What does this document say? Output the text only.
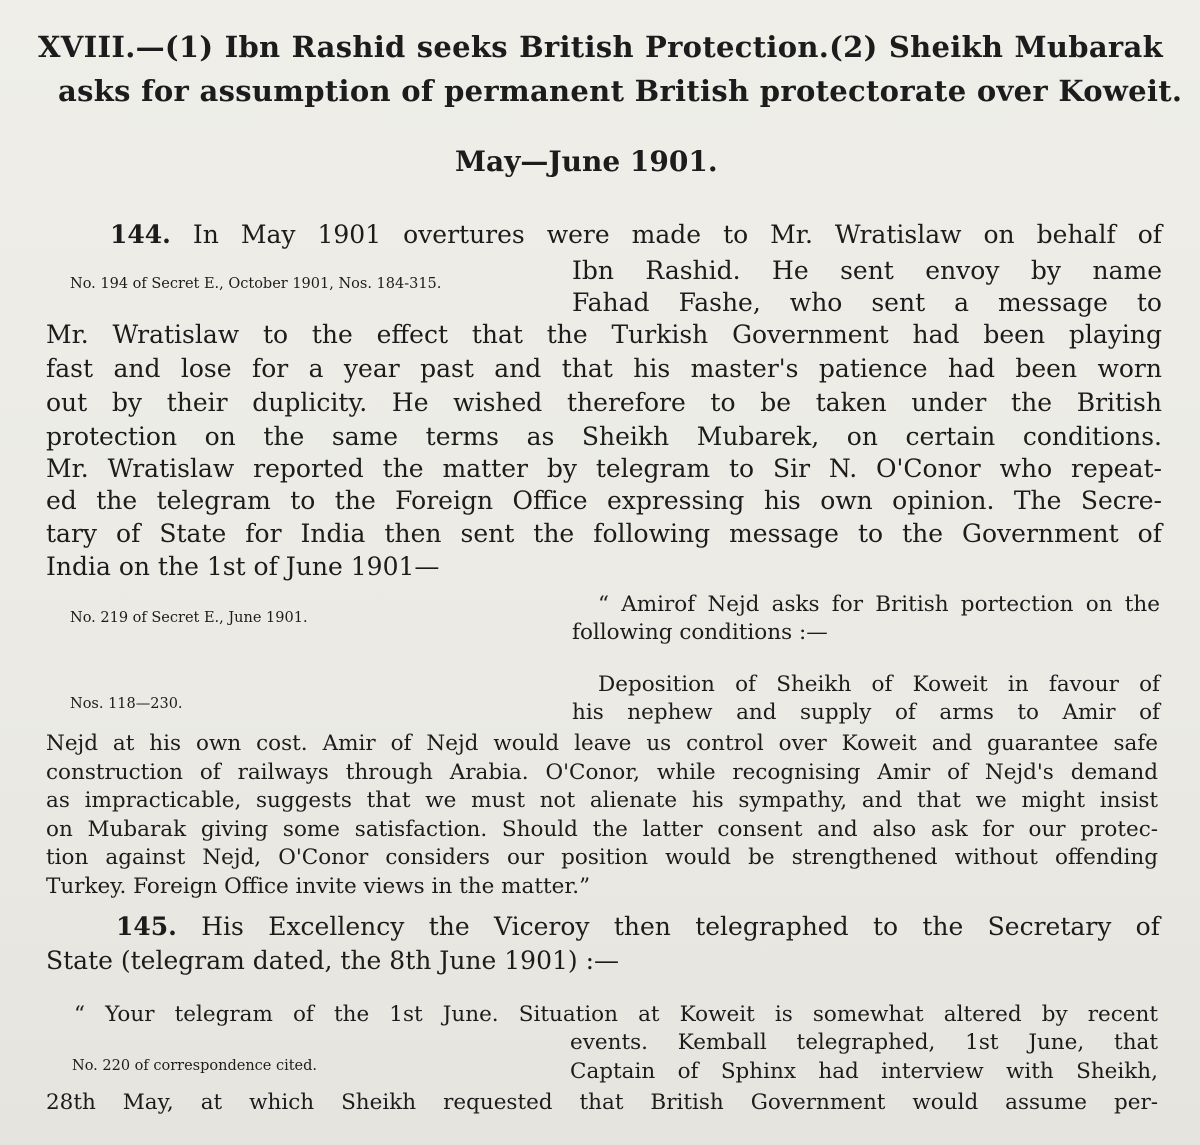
XVIII.—(1) Ibn Rashid seeks British Protection.(2) Sheikh Mubarak
asks for assumption of permanent British protectorate over Koweit.
May—June 1901.
144. In May 1901 overtures were made to Mr. Wratislaw on behalf of
No. 194 of Secret E., October 1901, Nos. 184-315.	Ibn Rashid. He sent envoy by name
Fahad Fashe, who sent a message to
Mr. Wratislaw to the effect that the Turkish Government had been playing
fast and lose for a year past and that his master's patience had been worn
out by their duplicity. He wished therefore to be taken under the British
protection on the same terms as Sheikh Mubarek, on certain conditions.
Mr. Wratislaw reported the matter by telegram to Sir N. O'Conor who repeat-
ed the telegram to the Foreign Office expressing his own opinion. The Secre-
tary of State for India then sent the following message to the Government of
India on the 1st of June 1901—
No. 219 of Secret E., June 1901.
“ Amirof Nejd asks for British portection on the
following conditions :—
Nos. 118—230.
Deposition of Sheikh of Koweit in favour of
his nephew and supply of arms to Amir of
Nejd at his own cost. Amir of Nejd would leave us control over Koweit and guarantee safe
construction of railways through Arabia. O'Conor, while recognising Amir of Nejd's demand
as impracticable, suggests that we must not alienate his sympathy, and that we might insist
on Mubarak giving some satisfaction. Should the latter consent and also ask for our protec-
tion against Nejd, O'Conor considers our position would be strengthened without offending
Turkey. Foreign Office invite views in the matter.”
145. His Excellency the Viceroy then telegraphed to the Secretary of
State (telegram dated, the 8th June 1901) :—
“ Your telegram of the 1st June. Situation at Koweit is somewhat altered by recent
No. 220 of correspondence cited.
events. Kemball telegraphed, 1st June, that
Captain of Sphinx had interview with Sheikh,
28th May, at which Sheikh requested that British Government would assume per-
